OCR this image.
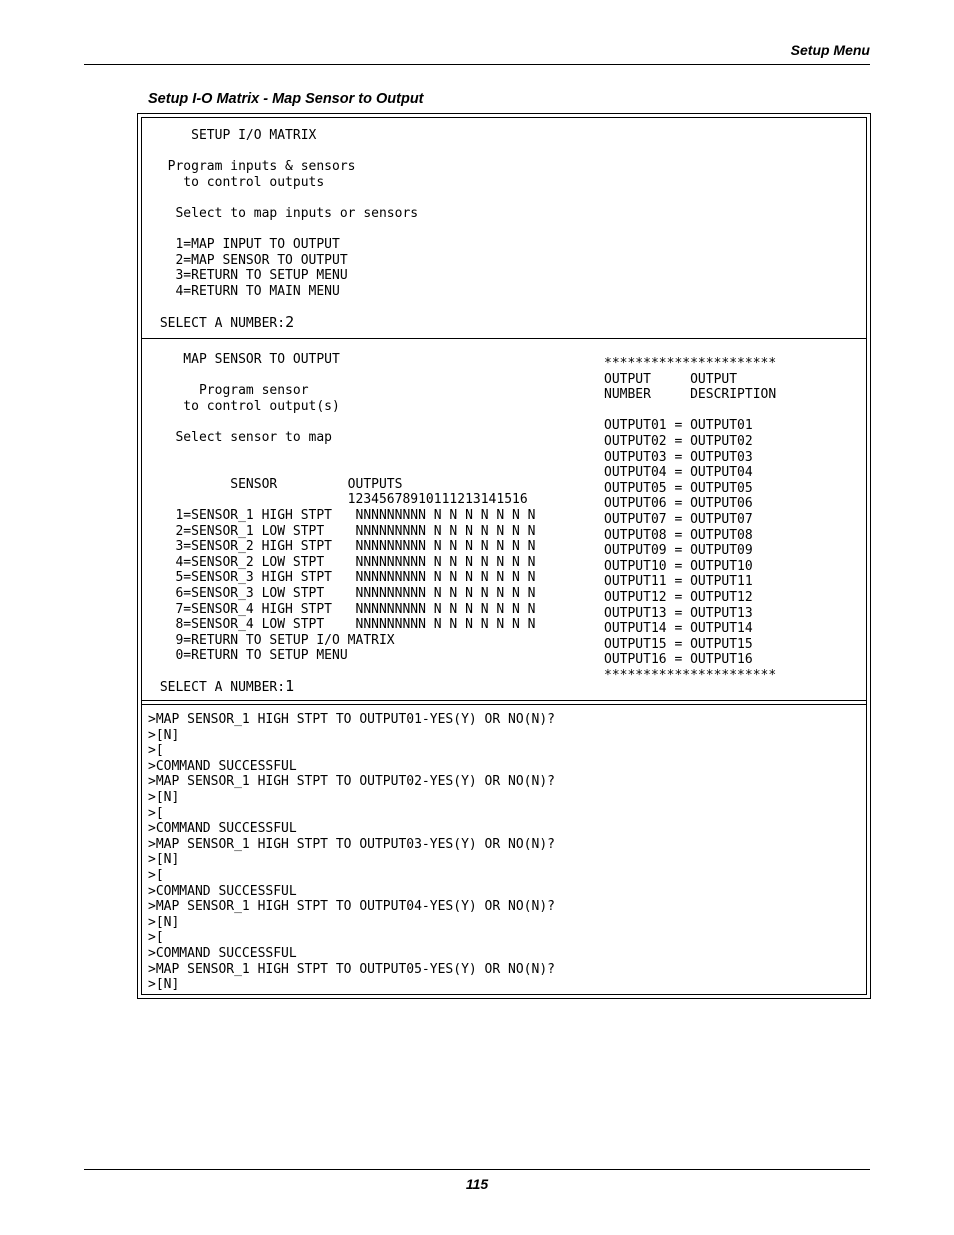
Setup Menu
Setup I-O Matrix - Map Sensor to Output
SETUP I/O MATRIX
Program inputs & sensors
to control outputs
Select to map inputs or sensors
1=MAP INPUT TO OUTPUT
2=MAP SENSOR TO OUTPUT
3=RETURN TO SETUP MENU
4=RETURN TO MAIN MENU
SELECT A NUMBER:2
MAP SENSOR TO OUTPUT
Program sensor
to control output(s)
Select sensor to map
SENSOR         OUTPUTS
12345678910111213141516
1=SENSOR_1 HIGH STPT   NNNNNNNNN N N N N N N N
2=SENSOR_1 LOW STPT    NNNNNNNNN N N N N N N N
3=SENSOR_2 HIGH STPT   NNNNNNNNN N N N N N N N
4=SENSOR_2 LOW STPT    NNNNNNNNN N N N N N N N
5=SENSOR_3 HIGH STPT   NNNNNNNNN N N N N N N N
6=SENSOR_3 LOW STPT    NNNNNNNNN N N N N N N N
7=SENSOR_4 HIGH STPT   NNNNNNNNN N N N N N N N
8=SENSOR_4 LOW STPT    NNNNNNNNN N N N N N N N
9=RETURN TO SETUP I/O MATRIX
0=RETURN TO SETUP MENU
SELECT A NUMBER:1
**********************
OUTPUT     OUTPUT
NUMBER     DESCRIPTION
OUTPUT01 = OUTPUT01
OUTPUT02 = OUTPUT02
OUTPUT03 = OUTPUT03
OUTPUT04 = OUTPUT04
OUTPUT05 = OUTPUT05
OUTPUT06 = OUTPUT06
OUTPUT07 = OUTPUT07
OUTPUT08 = OUTPUT08
OUTPUT09 = OUTPUT09
OUTPUT10 = OUTPUT10
OUTPUT11 = OUTPUT11
OUTPUT12 = OUTPUT12
OUTPUT13 = OUTPUT13
OUTPUT14 = OUTPUT14
OUTPUT15 = OUTPUT15
OUTPUT16 = OUTPUT16
**********************
>MAP SENSOR_1 HIGH STPT TO OUTPUT01-YES(Y) OR NO(N)?
>[N]
>[
>COMMAND SUCCESSFUL
>MAP SENSOR_1 HIGH STPT TO OUTPUT02-YES(Y) OR NO(N)?
>[N]
>[
>COMMAND SUCCESSFUL
>MAP SENSOR_1 HIGH STPT TO OUTPUT03-YES(Y) OR NO(N)?
>[N]
>[
>COMMAND SUCCESSFUL
>MAP SENSOR_1 HIGH STPT TO OUTPUT04-YES(Y) OR NO(N)?
>[N]
>[
>COMMAND SUCCESSFUL
>MAP SENSOR_1 HIGH STPT TO OUTPUT05-YES(Y) OR NO(N)?
>[N]
115
